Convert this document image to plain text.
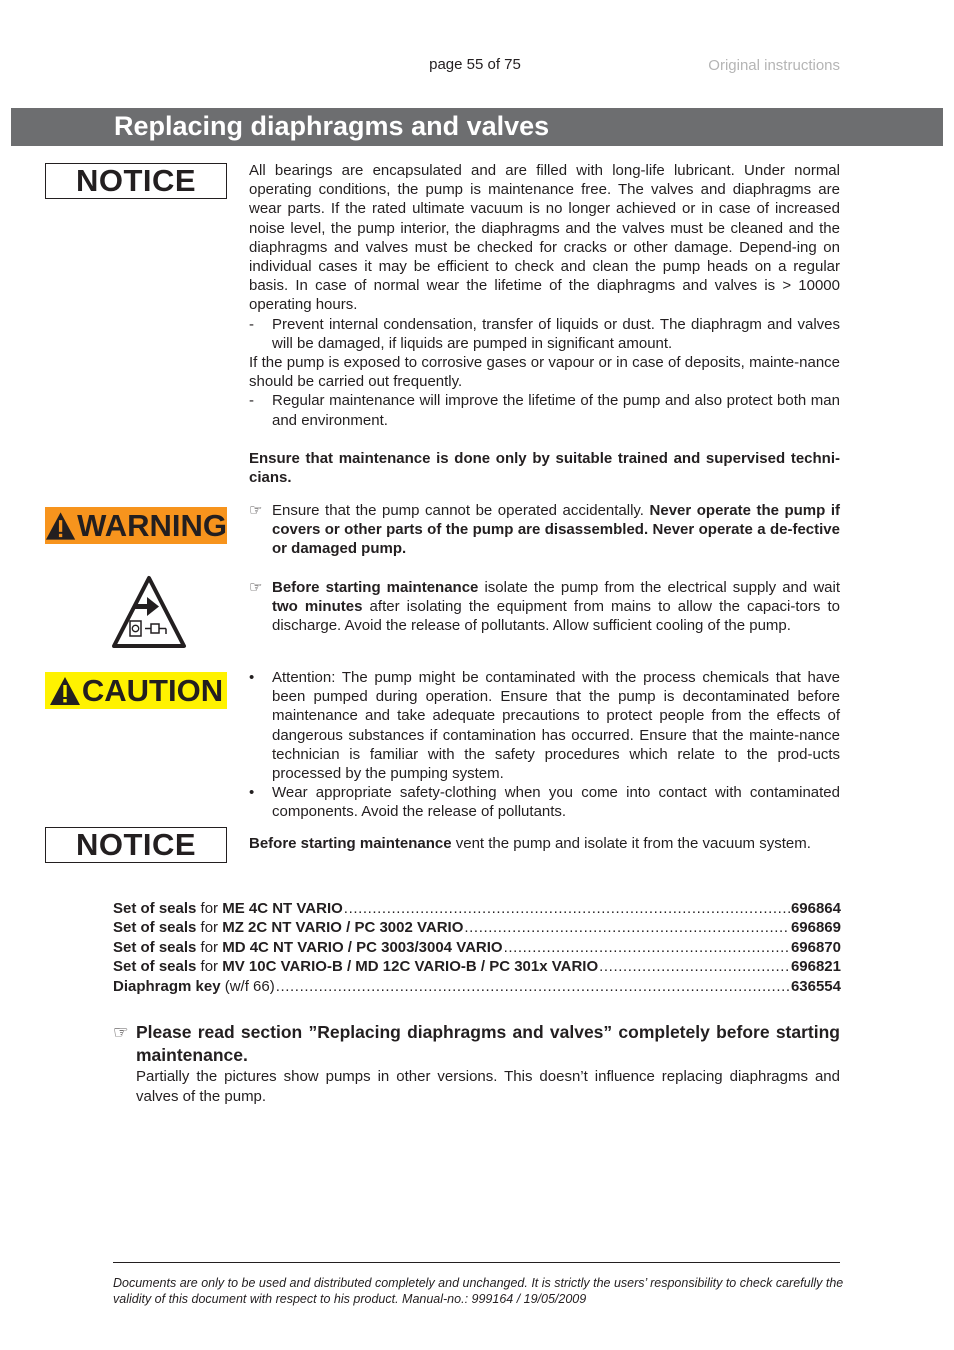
page 55 of 75	Original instructions
Replacing diaphragms and valves
NOTICE
WARNING
CAUTION
NOTICE
All bearings are encapsulated and are filled with long-life lubricant. Under normal operating conditions, the pump is maintenance free. The valves and diaphragms are wear parts. If the rated ultimate vacuum is no longer achieved or in case of increased noise level, the pump interior, the diaphragms and the valves must be cleaned and the diaphragms and valves must be checked for cracks or other damage. Depend-ing on individual cases it may be efficient to check and clean the pump heads on a regular basis. In case of normal wear the lifetime of the diaphragms and valves is > 10000 operating hours.
- Prevent internal condensation, transfer of liquids or dust. The diaphragm and valves will be damaged, if liquids are pumped in significant amount.
If the pump is exposed to corrosive gases or vapour or in case of deposits, mainte-nance should be carried out frequently.
- Regular maintenance will improve the lifetime of the pump and also protect both man and environment.
Ensure that maintenance is done only by suitable trained and supervised techni-cians.
☞ Ensure that the pump cannot be operated accidentally. Never operate the pump if covers or other parts of the pump are disassembled. Never operate a de-fective or damaged pump.
☞ Before starting maintenance isolate the pump from the electrical supply and wait two minutes after isolating the equipment from mains to allow the capaci-tors to discharge. Avoid the release of pollutants. Allow sufficient cooling of the pump.
• Attention: The pump might be contaminated with the process chemicals that have been pumped during operation. Ensure that the pump is decontaminated before maintenance and take adequate precautions to protect people from the effects of dangerous substances if contamination has occurred. Ensure that the mainte-nance technician is familiar with the safety procedures which relate to the prod-ucts processed by the pumping system.
• Wear appropriate safety-clothing when you come into contact with contaminated components. Avoid the release of pollutants.
Before starting maintenance vent the pump and isolate it from the vacuum system.
Set of seals for ME 4C NT VARIO .....	696864
Set of seals for MZ 2C NT VARIO / PC 3002 VARIO .....	696869
Set of seals for MD 4C NT VARIO / PC 3003/3004 VARIO .....	696870
Set of seals for MV 10C VARIO-B / MD 12C VARIO-B / PC 301x VARIO .....	696821
Diaphragm key (w/f 66) .....	636554
☞ Please read section ”Replacing diaphragms and valves” completely before starting maintenance.
Partially the pictures show pumps in other versions. This doesn’t influence replacing diaphragms and valves of the pump.
Documents are only to be used and distributed completely and unchanged. It is strictly the users’ responsibility to check carefully the validity of this document with respect to his product. Manual-no.: 999164 / 19/05/2009
